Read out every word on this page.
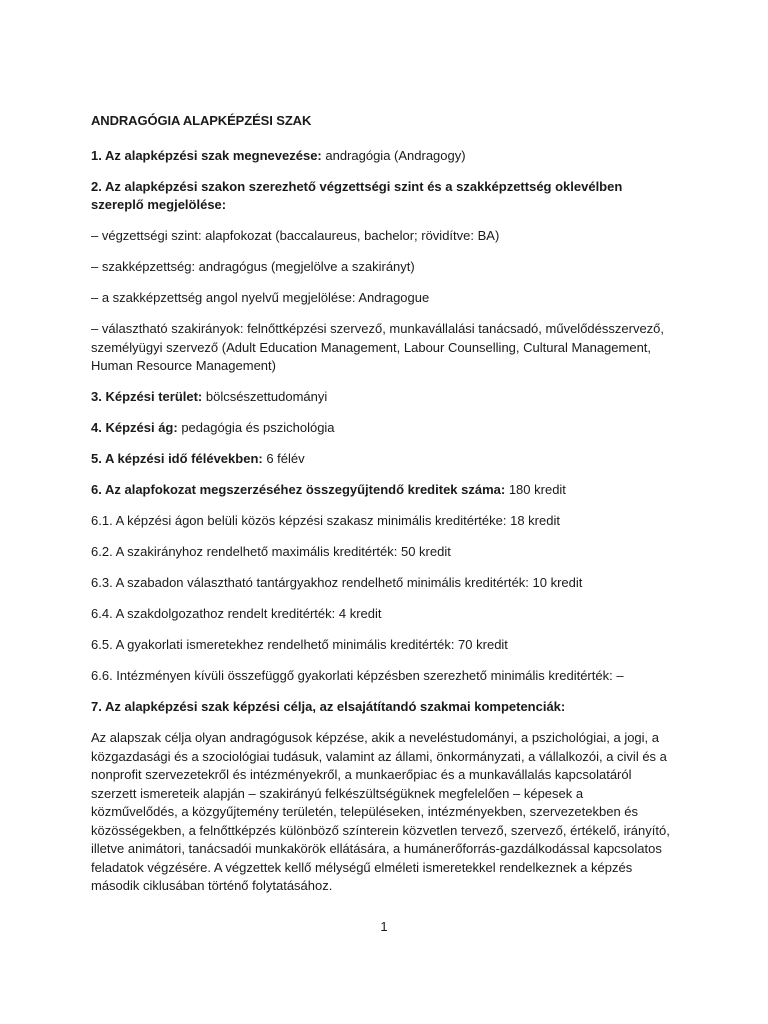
ANDRAGÓGIA ALAPKÉPZÉSI SZAK

1. Az alapképzési szak megnevezése: andragógia (Andragogy)

2. Az alapképzési szakon szerezhető végzettségi szint és a szakképzettség oklevélben szereplő megjelölése:

– végzettségi szint: alapfokozat (baccalaureus, bachelor; rövidítve: BA)

– szakképzettség: andragógus (megjelölve a szakirányt)

– a szakképzettség angol nyelvű megjelölése: Andragogue

– választható szakirányok: felnőttképzési szervező, munkavállalási tanácsadó, művelődésszervező, személyügyi szervező (Adult Education Management, Labour Counselling, Cultural Management, Human Resource Management)

3. Képzési terület: bölcsészettudományi

4. Képzési ág: pedagógia és pszichológia

5. A képzési idő félévekben: 6 félév

6. Az alapfokozat megszerzéséhez összegyűjtendő kreditek száma: 180 kredit

6.1. A képzési ágon belüli közös képzési szakasz minimális kreditértéke: 18 kredit

6.2. A szakirányhoz rendelhető maximális kreditérték: 50 kredit

6.3. A szabadon választható tantárgyakhoz rendelhető minimális kreditérték: 10 kredit

6.4. A szakdolgozathoz rendelt kreditérték: 4 kredit

6.5. A gyakorlati ismeretekhez rendelhető minimális kreditérték: 70 kredit

6.6. Intézményen kívüli összefüggő gyakorlati képzésben szerezhető minimális kreditérték: –

7. Az alapképzési szak képzési célja, az elsajátítandó szakmai kompetenciák:

Az alapszak célja olyan andragógusok képzése, akik a neveléstudományi, a pszichológiai, a jogi, a közgazdasági és a szociológiai tudásuk, valamint az állami, önkormányzati, a vállalkozói, a civil és a nonprofit szervezetekről és intézményekről, a munkaerőpiac és a munkavállalás kapcsolatáról szerzett ismereteik alapján – szakirányú felkészültségüknek megfelelően – képesek a közművelődés, a közgyűjtemény területén, településeken, intézményekben, szervezetekben és közösségekben, a felnőttképzés különböző színterein közvetlen tervező, szervező, értékelő, irányító, illetve animátori, tanácsadói munkakörök ellátására, a humánerőforrás-gazdálkodással kapcsolatos feladatok végzésére. A végzettek kellő mélységű elméleti ismeretekkel rendelkeznek a képzés második ciklusában történő folytatásához.

1
